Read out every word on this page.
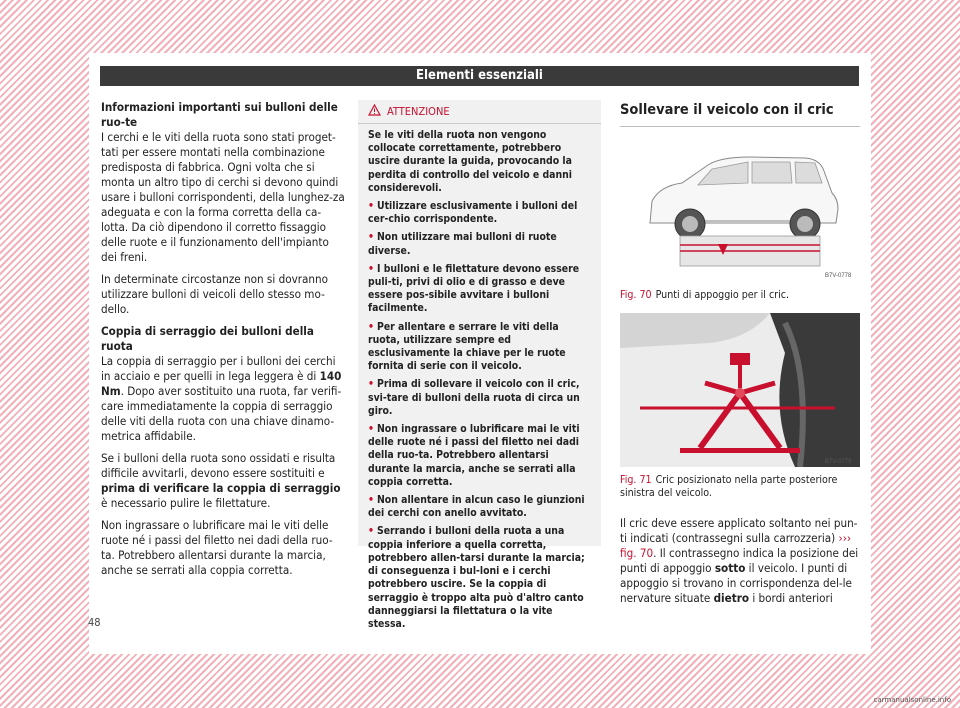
Elementi essenziali
Informazioni importanti sui bulloni delle ruo-te

I cerchi e le viti della ruota sono stati proget-tati per essere montati nella combinazione predisposta di fabbrica. Ogni volta che si monta un altro tipo di cerchi si devono quindi usare i bulloni corrispondenti, della lunghez-za adeguata e con la forma corretta della ca-lotta. Da ciò dipendono il corretto fissaggio delle ruote e il funzionamento dell'impianto dei freni.

In determinate circostanze non si dovranno utilizzare bulloni di veicoli dello stesso mo-dello.

Coppia di serraggio dei bulloni della ruota

La coppia di serraggio per i bulloni dei cerchi in acciaio e per quelli in lega leggera è di 140 Nm. Dopo aver sostituito una ruota, far verifi-care immediatamente la coppia di serraggio delle viti della ruota con una chiave dinamo-metrica affidabile.

Se i bulloni della ruota sono ossidati e risulta difficile avvitarli, devono essere sostituiti e prima di verificare la coppia di serraggio è necessario pulire le filettature.

Non ingrassare o lubrificare mai le viti delle ruote né i passi del filetto nei dadi della ruo-ta. Potrebbero allentarsi durante la marcia, anche se serrati alla coppia corretta.

ATTENZIONE

Se le viti della ruota non vengono collocate correttamente, potrebbero uscire durante la guida, provocando la perdita di controllo del veicolo e danni considerevoli.

• Utilizzare esclusivamente i bulloni del cer-chio corrispondente.

• Non utilizzare mai bulloni di ruote diverse.

• I bulloni e le filettature devono essere puli-ti, privi di olio e di grasso e deve essere pos-sibile avvitare i bulloni facilmente.

• Per allentare e serrare le viti della ruota, utilizzare sempre ed esclusivamente la chiave per le ruote fornita di serie con il veicolo.

• Prima di sollevare il veicolo con il cric, svi-tare di bulloni della ruota di circa un giro.

• Non ingrassare o lubrificare mai le viti delle ruote né i passi del filetto nei dadi della ruo-ta. Potrebbero allentarsi durante la marcia, anche se serrati alla coppia corretta.

• Non allentare in alcun caso le giunzioni dei cerchi con anello avvitato.

• Serrando i bulloni della ruota a una coppia inferiore a quella corretta, potrebbero allen-tarsi durante la marcia; di conseguenza i bul-loni e i cerchi potrebbero uscire. Se la coppia di serraggio è troppo alta può d'altro canto danneggiarsi la filettatura o la vite stessa.

Sollevare il veicolo con il cric

Il cric deve essere applicato soltanto nei pun-ti indicati (contrassegni sulla carrozzeria) ››› fig. 70. Il contrassegno indica la posizione dei punti di appoggio sotto il veicolo. I punti di appoggio si trovano in corrispondenza del-le nervature situate dietro i bordi anteriori

B7V-0778
Fig. 70 Punti di appoggio per il cric.
B7V-0779
Fig. 71 Cric posizionato nella parte posteriore sinistra del veicolo.
48
carmanualsonline.info
